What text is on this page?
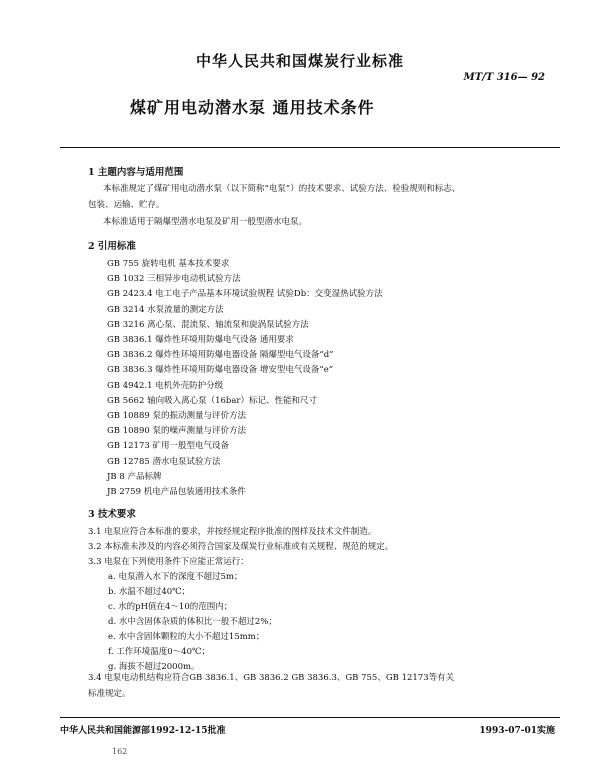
中华人民共和国煤炭行业标准
MT/T 316— 92
煤矿用电动潜水泵 通用技术条件
1 主题内容与适用范围
本标准规定了煤矿用电动潜水泵（以下简称“电泵”）的技术要求、试验方法、检验规则和标志、
包装、运输、贮存。
本标准适用于隔爆型潜水电泵及矿用一般型潜水电泵。
2 引用标准
GB 755 旋转电机 基本技术要求
GB 1032 三相异步电动机试验方法
GB 2423.4 电工电子产品基本环境试验规程 试验Db：交变湿热试验方法
GB 3214 水泵流量的测定方法
GB 3216 离心泵、混流泵、轴流泵和旋涡泵试验方法
GB 3836.1 爆炸性环境用防爆电气设备 通用要求
GB 3836.2 爆炸性环境用防爆电器设备 隔爆型电气设备“d”
GB 3836.3 爆炸性环境用防爆电器设备 增安型电气设备“e”
GB 4942.1 电机外壳防护分级
GB 5662 轴向吸入离心泵（16bar）标记、性能和尺寸
GB 10889 泵的振动测量与评价方法
GB 10890 泵的噪声测量与评价方法
GB 12173 矿用一般型电气设备
GB 12785 潜水电泵试验方法
JB 8 产品标牌
JB 2759 机电产品包装通用技术条件
3 技术要求
3.1 电泵应符合本标准的要求，并按经规定程序批准的图样及技术文件制造。
3.2 本标准未涉及的内容必须符合国家及煤炭行业标准或有关规程、规范的规定。
3.3 电泵在下列使用条件下应能正常运行：
a. 电泵潜入水下的深度不超过5m；
b. 水温不超过40℃；
c. 水的pH值在4～10的范围内；
d. 水中含固体杂质的体积比一般不超过2%；
e. 水中含固体颗粒的大小不超过15mm；
f. 工作环境温度0～40℃；
g. 海拔不超过2000m。
3.4 电泵电动机结构应符合GB 3836.1、GB 3836.2 GB 3836.3、GB 755、GB 12173等有关
标准规定。
中华人民共和国能源部1992-12-15批准	1993-07-01实施
162
